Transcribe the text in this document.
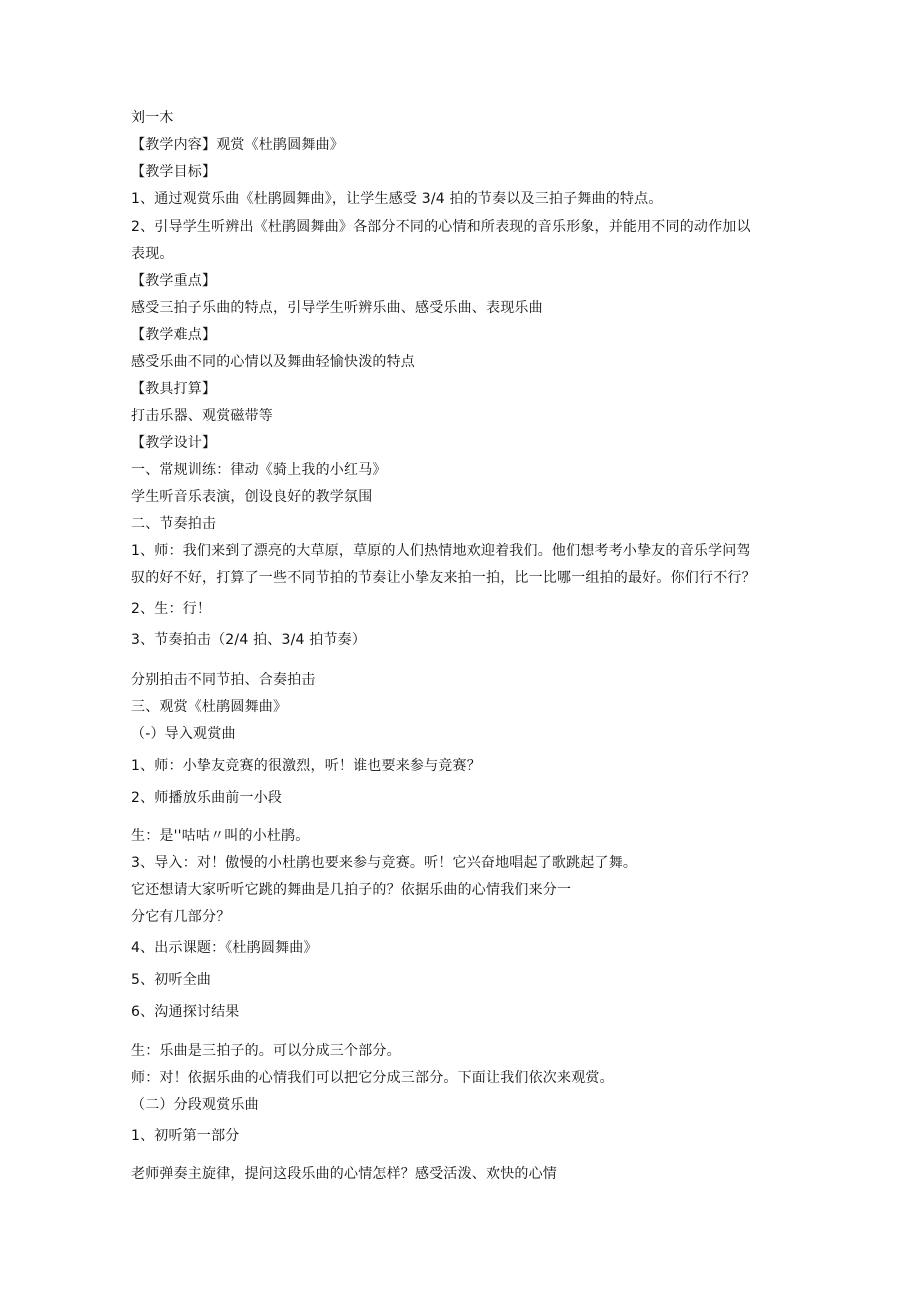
刘一木
【教学内容】观赏《杜鹃圆舞曲》
【教学目标】
1、通过观赏乐曲《杜鹃圆舞曲》，让学生感受 3/4 拍的节奏以及三拍子舞曲的特点。
2、引导学生听辨出《杜鹃圆舞曲》各部分不同的心情和所表现的音乐形象，并能用不同的动作加以
表现。
【教学重点】
感受三拍子乐曲的特点，引导学生听辨乐曲、感受乐曲、表现乐曲
【教学难点】
感受乐曲不同的心情以及舞曲轻愉快泼的特点
【教具打算】
打击乐器、观赏磁带等
【教学设计】
一、常规训练：律动《骑上我的小红马》
学生听音乐表演，创设良好的教学氛围
二、节奏拍击
1、师：我们来到了漂亮的大草原，草原的人们热情地欢迎着我们。他们想考考小挚友的音乐学问驾
驭的好不好，打算了一些不同节拍的节奏让小挚友来拍一拍，比一比哪一组拍的最好。你们行不行？
2、生：行！
3、节奏拍击（2/4 拍、3/4 拍节奏）
分别拍击不同节拍、合奏拍击
三、观赏《杜鹃圆舞曲》
（-）导入观赏曲
1、师：小挚友竞赛的很激烈，听！谁也要来参与竞赛？
2、师播放乐曲前一小段
生：是''咕咕〃叫的小杜鹃。
3、导入：对！傲慢的小杜鹃也要来参与竞赛。听！它兴奋地唱起了歌跳起了舞。
它还想请大家听听它跳的舞曲是几拍子的？依据乐曲的心情我们来分一
分它有几部分？
4、出示课题：《杜鹃圆舞曲》
5、初听全曲
6、沟通探讨结果
生：乐曲是三拍子的。可以分成三个部分。
师：对！依据乐曲的心情我们可以把它分成三部分。下面让我们依次来观赏。
（二）分段观赏乐曲
1、初听第一部分
老师弹奏主旋律，提问这段乐曲的心情怎样？感受活泼、欢快的心情
